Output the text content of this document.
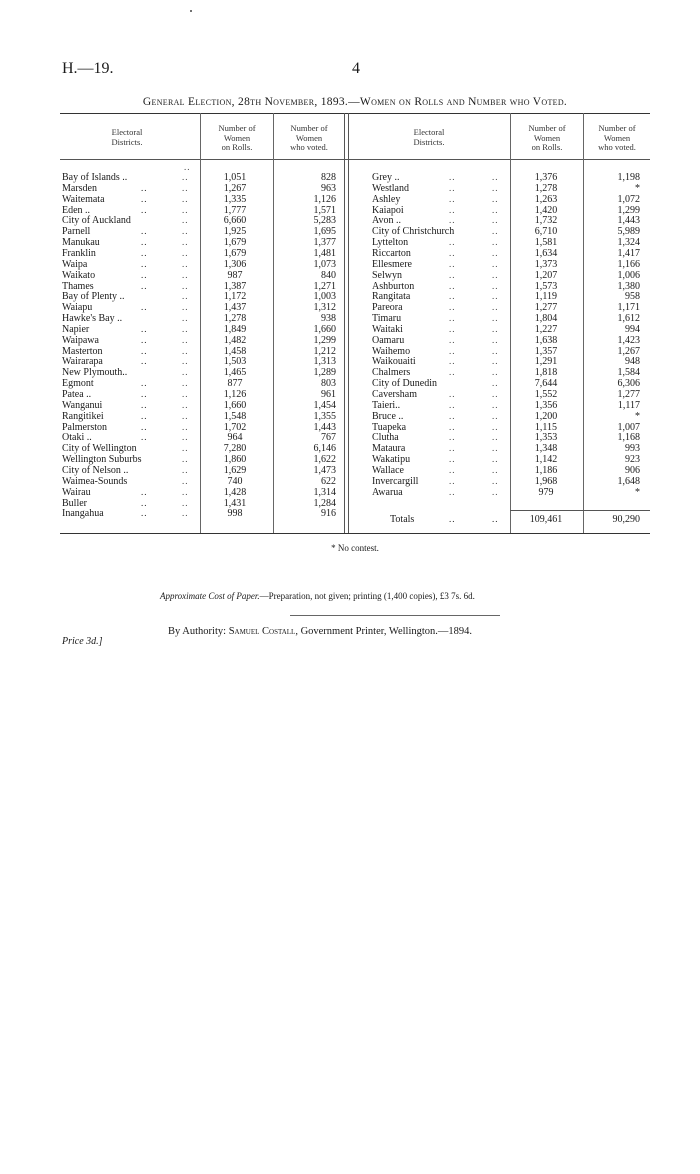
H.—19.	4
General Election, 28th November, 1893.—Women on Rolls and Number who Voted.
Electoral
Districts.
Number of
Women
on Rolls.
Number of
Women
who voted.
Electoral
Districts.
Number of
Women
on Rolls.
Number of
Women
who voted.
..
Bay of Islands ..	..	1,051	828	Grey ..	..	..	1,376	1,198
Marsden	..	..	1,267	963	Westland	..	..	1,278	*
Waitemata	..	..	1,335	1,126	Ashley	..	..	1,263	1,072
Eden ..	..	..	1,777	1,571	Kaiapoi	..	..	1,420	1,299
City of Auckland	..	6,660	5,283	Avon ..	..	..	1,732	1,443
Parnell	..	..	1,925	1,695	City of Christchurch	..	6,710	5,989
Manukau	..	..	1,679	1,377	Lyttelton	..	..	1,581	1,324
Franklin	..	..	1,679	1,481	Riccarton	..	..	1,634	1,417
Waipa	..	..	1,306	1,073	Ellesmere	..	..	1,373	1,166
Waikato	..	..	987	840	Selwyn	..	..	1,207	1,006
Thames	..	..	1,387	1,271	Ashburton	..	..	1,573	1,380
Bay of Plenty ..	..	1,172	1,003	Rangitata	..	..	1,119	958
Waiapu	..	..	1,437	1,312	Pareora	..	..	1,277	1,171
Hawke's Bay ..	..	1,278	938	Timaru	..	..	1,804	1,612
Napier	..	..	1,849	1,660	Waitaki	..	..	1,227	994
Waipawa	..	..	1,482	1,299	Oamaru	..	..	1,638	1,423
Masterton	..	..	1,458	1,212	Waihemo	..	..	1,357	1,267
Wairarapa	..	..	1,503	1,313	Waikouaiti	..	..	1,291	948
New Plymouth..	..	1,465	1,289	Chalmers	..	..	1,818	1,584
Egmont	..	..	877	803	City of Dunedin	..	7,644	6,306
Patea ..	..	..	1,126	961	Caversham	..	..	1,552	1,277
Wanganui	..	..	1,660	1,454	Taieri..	..	..	1,356	1,117
Rangitikei	..	..	1,548	1,355	Bruce ..	..	..	1,200	*
Palmerston	..	..	1,702	1,443	Tuapeka	..	..	1,115	1,007
Otaki ..	..	..	964	767	Clutha	..	..	1,353	1,168
City of Wellington	..	7,280	6,146	Mataura	..	..	1,348	993
Wellington Suburbs	..	1,860	1,622	Wakatipu	..	..	1,142	923
City of Nelson ..	..	1,629	1,473	Wallace	..	..	1,186	906
Waimea-Sounds	..	740	622	Invercargill	..	..	1,968	1,648
Wairau	..	..	1,428	1,314	Awarua	..	..	979	*
Buller	..	..	1,431	1,284
Inangahua	..	..	998	916
Totals	..	..	109,461	90,290
* No contest.
Approximate Cost of Paper.—Preparation, not given; printing (1,400 copies), £3 7s. 6d.
By Authority: Samuel Costall, Government Printer, Wellington.—1894.
Price 3d.]
